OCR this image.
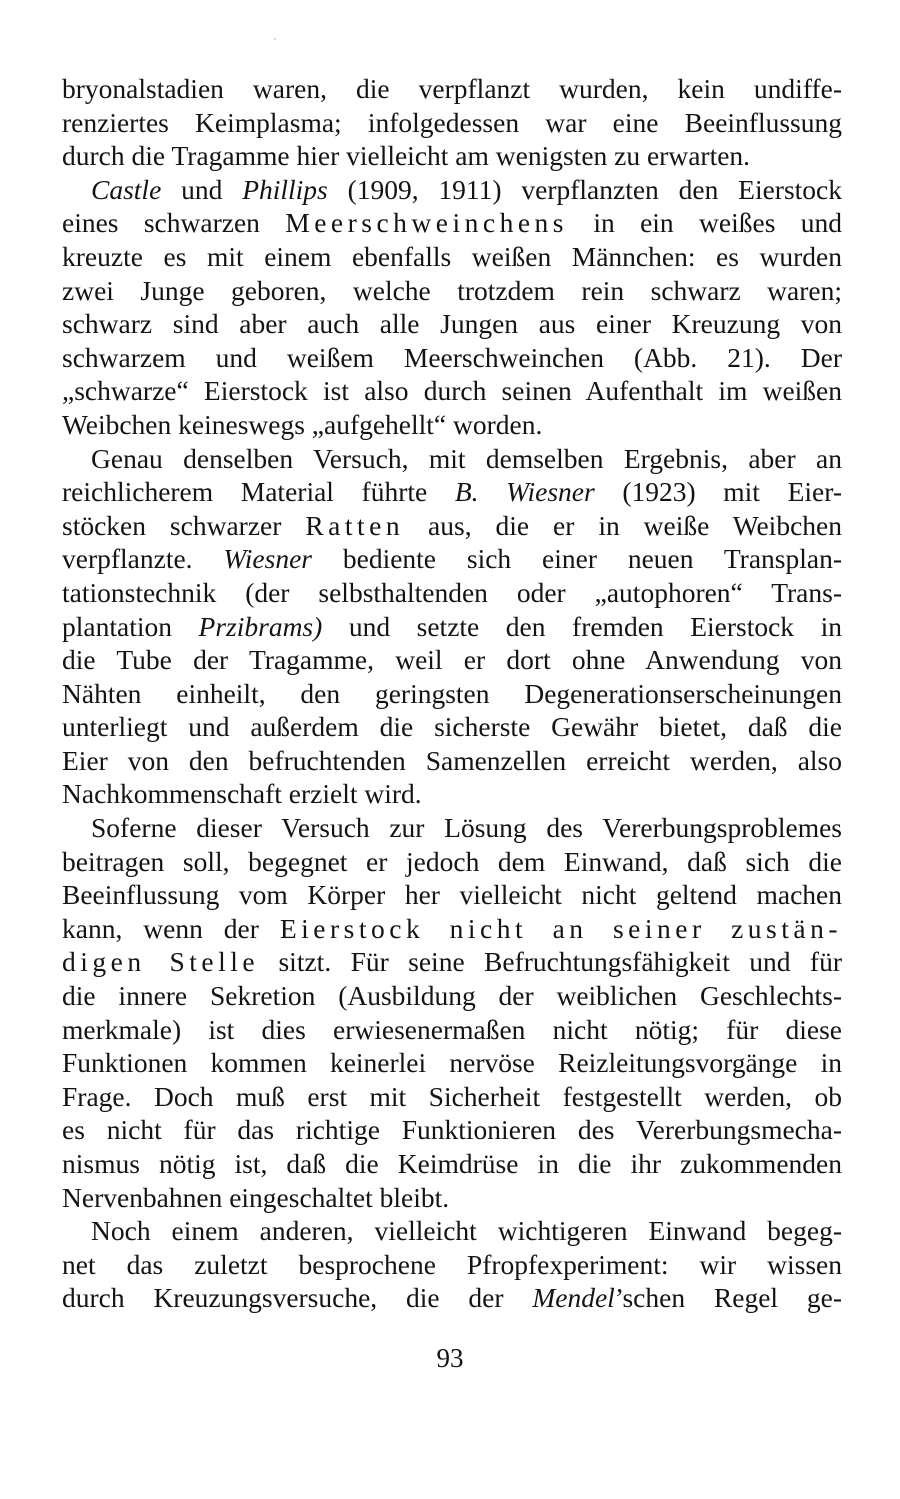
bryonalstadien waren, die verpflanzt wurden, kein undiffe-
renziertes Keimplasma; infolgedessen war eine Beeinflussung
durch die Tragamme hier vielleicht am wenigsten zu erwarten.
Castle und Phillips (1909, 1911) verpflanzten den Eierstock
eines schwarzen Meerschweinchens in ein weißes und
kreuzte es mit einem ebenfalls weißen Männchen: es wurden
zwei Junge geboren, welche trotzdem rein schwarz waren;
schwarz sind aber auch alle Jungen aus einer Kreuzung von
schwarzem und weißem Meerschweinchen (Abb. 21). Der
„schwarze“ Eierstock ist also durch seinen Aufenthalt im weißen
Weibchen keineswegs „aufgehellt“ worden.
Genau denselben Versuch, mit demselben Ergebnis, aber an
reichlicherem Material führte B. Wiesner (1923) mit Eier-
stöcken schwarzer Ratten aus, die er in weiße Weibchen
verpflanzte. Wiesner bediente sich einer neuen Transplan-
tationstechnik (der selbsthaltenden oder „autophoren“ Trans-
plantation Przibrams) und setzte den fremden Eierstock in
die Tube der Tragamme, weil er dort ohne Anwendung von
Nähten einheilt, den geringsten Degenerationserscheinungen
unterliegt und außerdem die sicherste Gewähr bietet, daß die
Eier von den befruchtenden Samenzellen erreicht werden, also
Nachkommenschaft erzielt wird.
Soferne dieser Versuch zur Lösung des Vererbungsproblemes
beitragen soll, begegnet er jedoch dem Einwand, daß sich die
Beeinflussung vom Körper her vielleicht nicht geltend machen
kann, wenn der Eierstock nicht an seiner zustän-
digen Stelle sitzt. Für seine Befruchtungsfähigkeit und für
die innere Sekretion (Ausbildung der weiblichen Geschlechts-
merkmale) ist dies erwiesenermaßen nicht nötig; für diese
Funktionen kommen keinerlei nervöse Reizleitungsvorgänge in
Frage. Doch muß erst mit Sicherheit festgestellt werden, ob
es nicht für das richtige Funktionieren des Vererbungsmecha-
nismus nötig ist, daß die Keimdrüse in die ihr zukommenden
Nervenbahnen eingeschaltet bleibt.
Noch einem anderen, vielleicht wichtigeren Einwand begeg-
net das zuletzt besprochene Pfropfexperiment: wir wissen
durch Kreuzungsversuche, die der Mendel’schen Regel ge-
93
